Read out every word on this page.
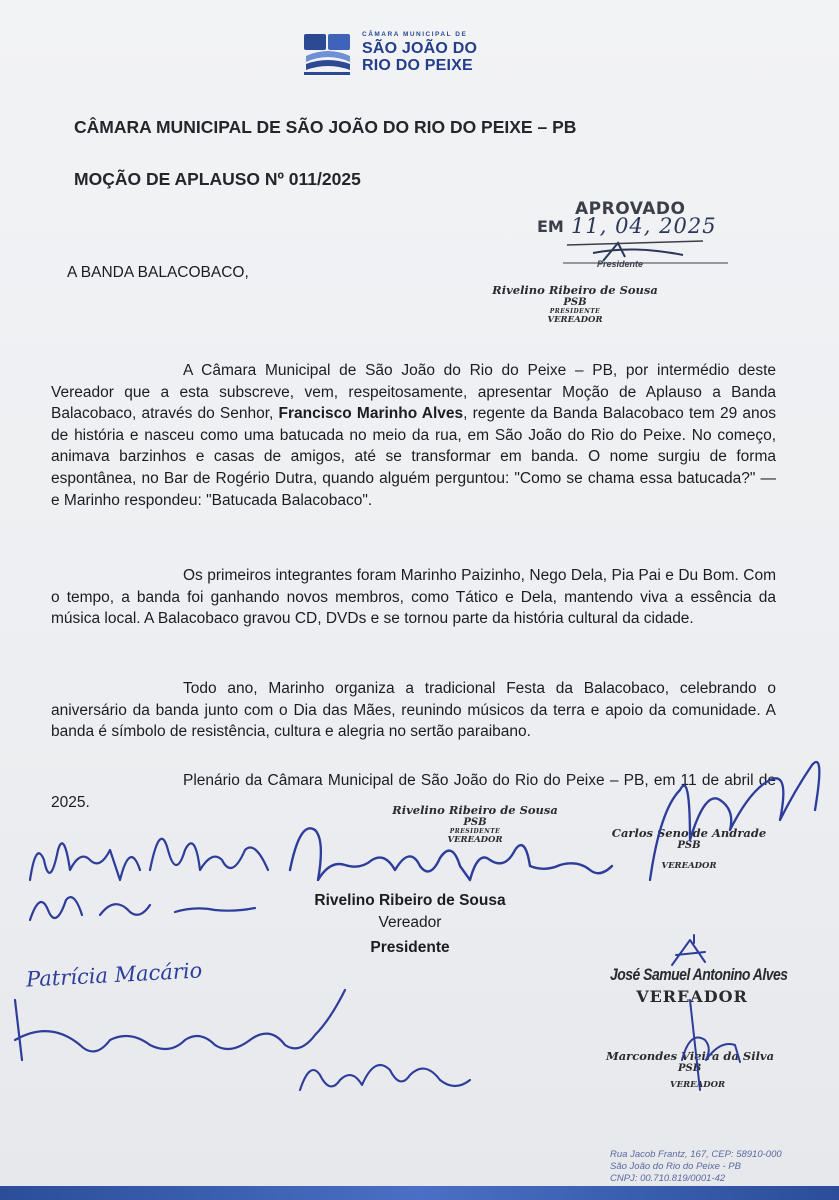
CÂMARA MUNICIPAL DE
SÃO JOÃO DO
RIO DO PEIXE
CÂMARA MUNICIPAL DE SÃO JOÃO DO RIO DO PEIXE – PB
MOÇÃO DE APLAUSO Nº 011/2025
APROVADO
EM 11, 04, 2025
Presidente
Rivelino Ribeiro de Sousa
PSB
PRESIDENTE
VEREADOR
A BANDA BALACOBACO,

A Câmara Municipal de São João do Rio do Peixe – PB, por intermédio deste Vereador que a esta subscreve, vem, respeitosamente, apresentar Moção de Aplauso a Banda Balacobaco, através do Senhor, Francisco Marinho Alves, regente da Banda Balacobaco tem 29 anos de história e nasceu como uma batucada no meio da rua, em São João do Rio do Peixe. No começo, animava barzinhos e casas de amigos, até se transformar em banda. O nome surgiu de forma espontânea, no Bar de Rogério Dutra, quando alguém perguntou: "Como se chama essa batucada?" — e Marinho respondeu: "Batucada Balacobaco".

Os primeiros integrantes foram Marinho Paizinho, Nego Dela, Pia Pai e Du Bom. Com o tempo, a banda foi ganhando novos membros, como Tático e Dela, mantendo viva a essência da música local. A Balacobaco gravou CD, DVDs e se tornou parte da história cultural da cidade.

Todo ano, Marinho organiza a tradicional Festa da Balacobaco, celebrando o aniversário da banda junto com o Dia das Mães, reunindo músicos da terra e apoio da comunidade. A banda é símbolo de resistência, cultura e alegria no sertão paraibano.

Plenário da Câmara Municipal de São João do Rio do Peixe – PB, em 11 de abril de 2025.	Rivelino Ribeiro de Sousa
PSB
PRESIDENTE
VEREADOR
Rivelino Ribeiro de Sousa
Vereador
Presidente
Carlos Seno de Andrade
PSB
VEREADOR
José Samuel Antonino Alves
VEREADOR
Marcondes Vieira da Silva
PSB
VEREADOR
Patrícia Macário
Rua Jacob Frantz, 167, CEP: 58910-000
São João do Rio do Peixe - PB
CNPJ: 00.710.819/0001-42
